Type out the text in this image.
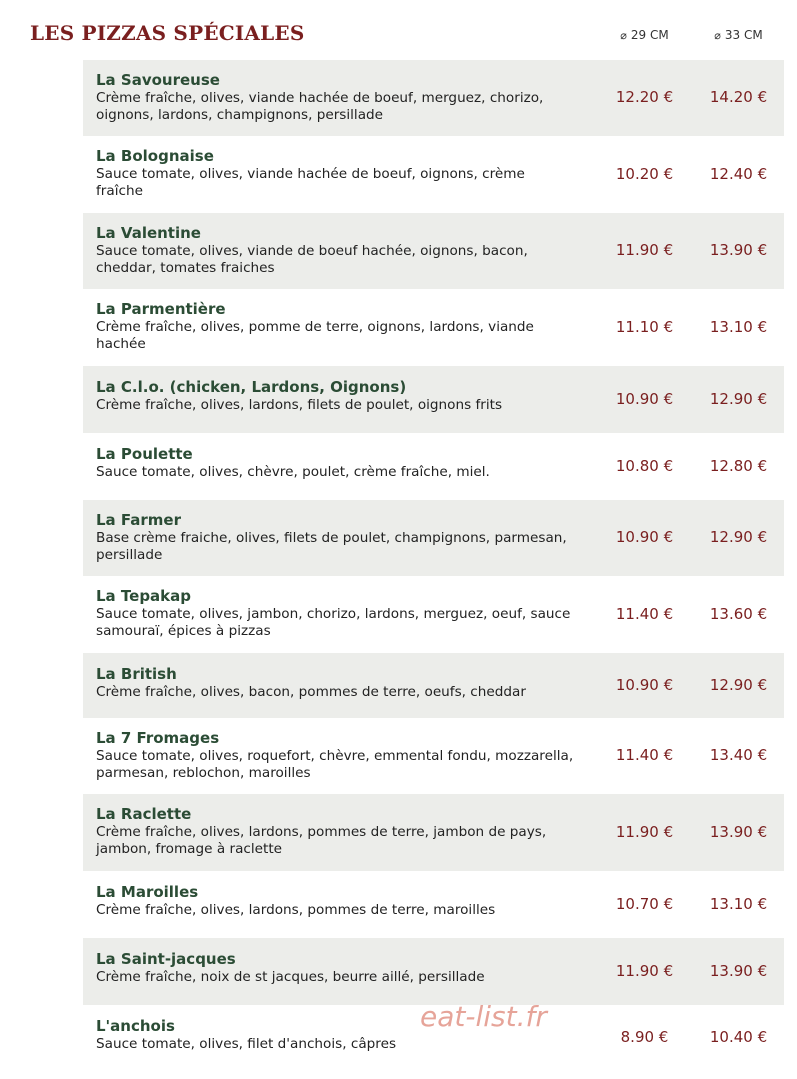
LES PIZZAS SPÉCIALES	⌀ 29 CM	⌀ 33 CM
La Savoureuse
Crème fraîche, olives, viande hachée de boeuf, merguez, chorizo, oignons, lardons, champignons, persillade
12.20 €	14.20 €
La Bolognaise
Sauce tomate, olives, viande hachée de boeuf, oignons, crème fraîche
10.20 €	12.40 €
La Valentine
Sauce tomate, olives, viande de boeuf hachée, oignons, bacon, cheddar, tomates fraiches
11.90 €	13.90 €
La Parmentière
Crème fraîche, olives, pomme de terre, oignons, lardons, viande hachée
11.10 €	13.10 €
La C.l.o. (chicken, Lardons, Oignons)
Crème fraîche, olives, lardons, filets de poulet, oignons frits	10.90 €	12.90 €
La Poulette
Sauce tomate, olives, chèvre, poulet, crème fraîche, miel.	10.80 €	12.80 €
La Farmer
Base crème fraiche, olives, filets de poulet, champignons, parmesan, persillade
10.90 €	12.90 €
La Tepakap
Sauce tomate, olives, jambon, chorizo, lardons, merguez, oeuf, sauce samouraï, épices à pizzas
11.40 €	13.60 €
La British
Crème fraîche, olives, bacon, pommes de terre, oeufs, cheddar	10.90 €	12.90 €
La 7 Fromages
Sauce tomate, olives, roquefort, chèvre, emmental fondu, mozzarella, parmesan, reblochon, maroilles
11.40 €	13.40 €
La Raclette
Crème fraîche, olives, lardons, pommes de terre, jambon de pays, jambon, fromage à raclette
11.90 €	13.90 €
La Maroilles
Crème fraîche, olives, lardons, pommes de terre, maroilles	10.70 €	13.10 €
La Saint-jacques
Crème fraîche, noix de st jacques, beurre aillé, persillade	11.90 €	13.90 €
L'anchois
Sauce tomate, olives, filet d'anchois, câpres	8.90 €	10.40 €
eat-list.fr
